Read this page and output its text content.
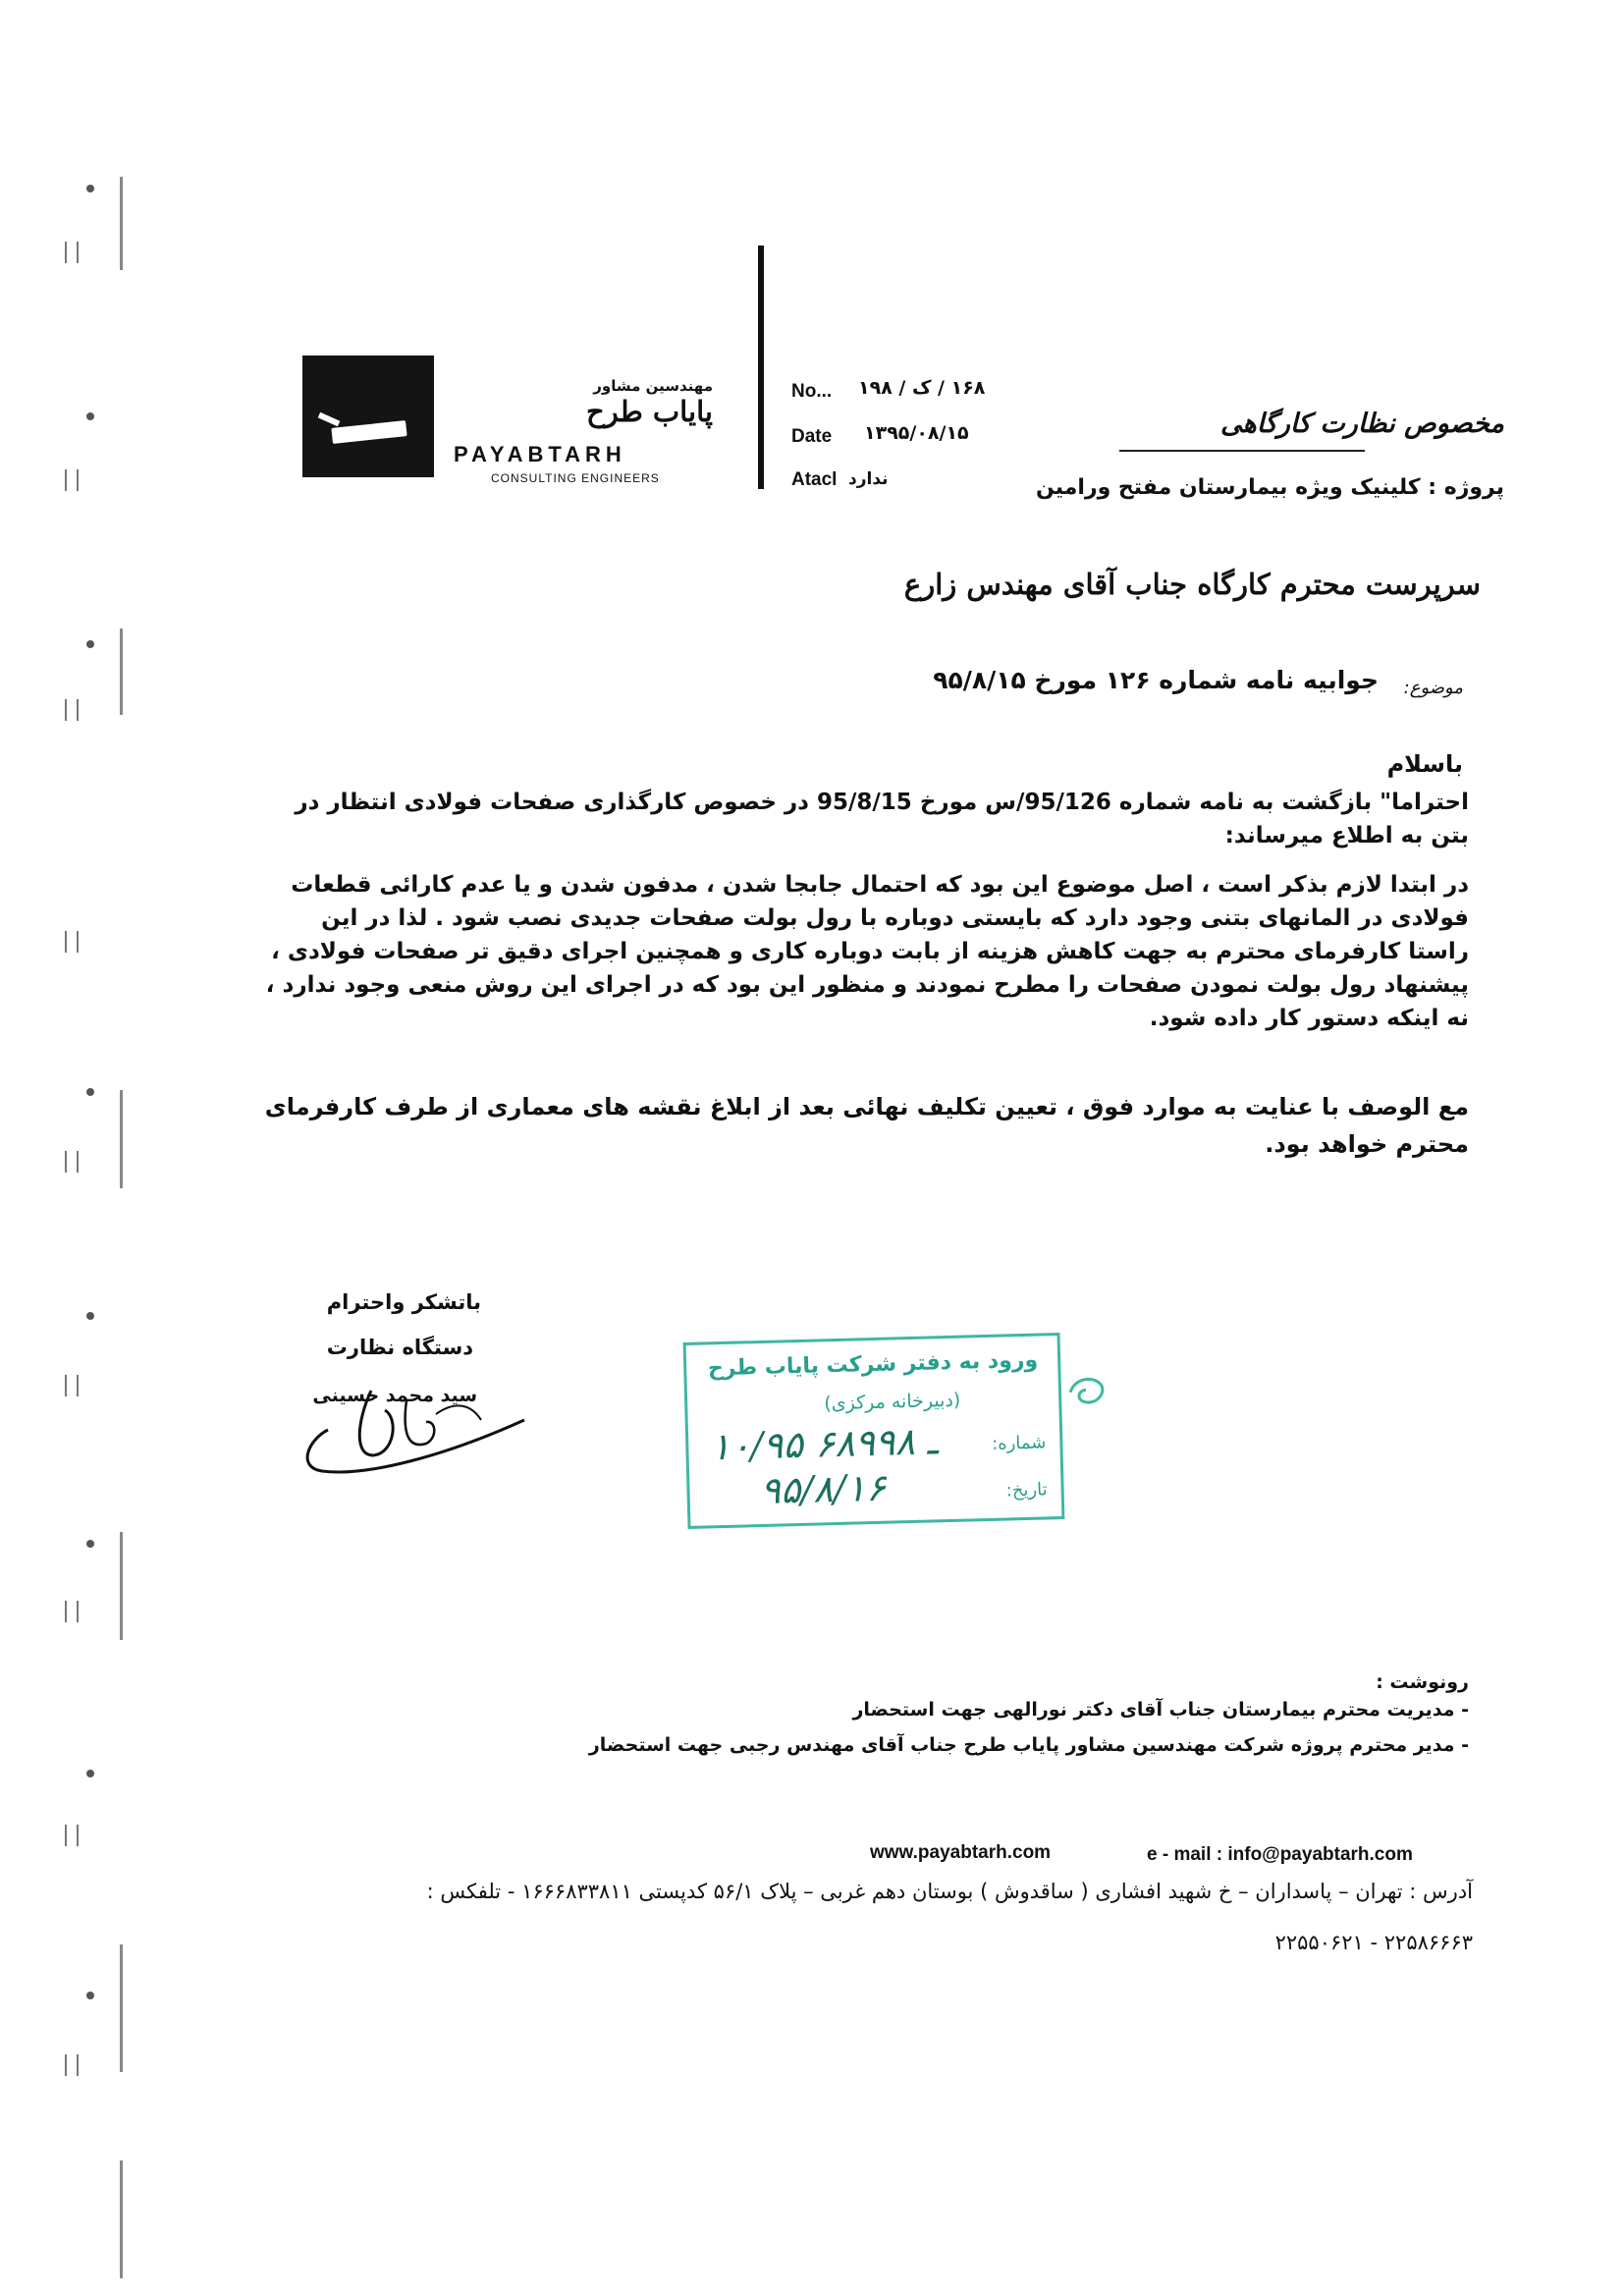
مهندسین مشاور
پایاب طرح
PAYABTARH
CONSULTING ENGINEERS
No... ۱۶۸ / ک / ۱۹۸
Date ۱۳۹۵/۰۸/۱۵
Atacl ندارد
مخصوص نظارت کارگاهی
پروژه : کلینیک ویژه بیمارستان مفتح ورامین
سرپرست محترم کارگاه جناب آقای مهندس زارع
موضوع:
جوابیه نامه شماره ۱۲۶ مورخ ۹۵/۸/۱۵
باسلام
احتراما" بازگشت به نامه شماره 95/126/س مورخ 95/8/15 در خصوص کارگذاری صفحات فولادی انتظار در بتن به اطلاع میرساند:
در ابتدا لازم بذکر است ، اصل موضوع این بود که احتمال جابجا شدن ، مدفون شدن و یا عدم کارائی قطعات فولادی در المانهای بتنی وجود دارد که بایستی دوباره با رول بولت صفحات جدیدی نصب شود . لذا در این راستا کارفرمای محترم به جهت کاهش هزینه از بابت دوباره کاری و همچنین اجرای دقیق تر صفحات فولادی ، پیشنهاد رول بولت نمودن صفحات را مطرح نمودند و منظور این بود که در اجرای این روش منعی وجود ندارد ، نه اینکه دستور کار داده شود.
مع الوصف با عنایت به موارد فوق ، تعیین تکلیف نهائی بعد از ابلاغ نقشه های معماری از طرف کارفرمای محترم خواهد بود.
باتشکر واحترام
دستگاه نظارت
سید محمد حسینی
ورود به دفتر شرکت پایاب طرح
(دبیرخانه مرکزی)
شماره:
۱۰/۹۵ ـ ۶۸۹۹۸
تاریخ:
۹۵/۸/۱۶
رونوشت :
- مدیریت محترم بیمارستان جناب آقای دکتر نورالهی جهت استحضار
- مدیر محترم پروژه شرکت مهندسین مشاور پایاب طرح جناب آقای مهندس رجبی جهت استحضار
www.payabtarh.com	e - mail : info@payabtarh.com
آدرس : تهران – پاسداران – خ شهید افشاری ( ساقدوش ) بوستان دهم غربی – پلاک ۵۶/۱ کدپستی ۱۶۶۶۸۳۳۸۱۱ - تلفکس :
۲۲۵۸۶۶۶۳ - ۲۲۵۵۰۶۲۱
